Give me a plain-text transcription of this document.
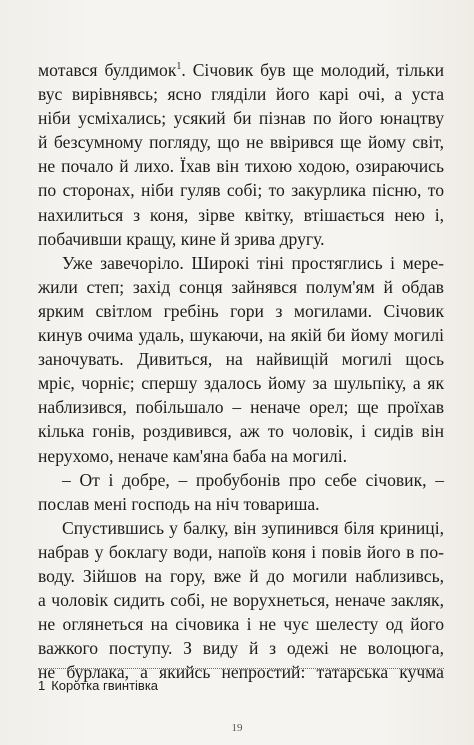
мотався булдимок$^1$. Січовик був ще молодий, тільки
вус вирівнявсь; ясно гляділи його карі очі, а уста
ніби усміхались; усякий би пізнав по його юнацтву
й безсумному погляду, що не ввірився ще йому світ,
не почало й лихо. Їхав він тихою ходою, озираючись
по сторонах, ніби гуляв собі; то закурлика пісню, то
нахилиться з коня, зірве квітку, втішається нею і,
побачивши кращу, кине й зрива другу.
Уже завечоріло. Широкі тіні простяглись і мере-
жили степ; захід сонця зайнявся полум'ям й обдав
ярким світлом гребінь гори з могилами. Січовик
кинув очима удаль, шукаючи, на якій би йому могилі
заночувать. Дивиться, на найвищій могилі щось
мріє, чорніє; спершу здалось йому за шульпіку, а як
наблизився, побільшало – неначе орел; ще проїхав
кілька гонів, роздивився, аж то чоловік, і сидів він
нерухомо, неначе кам'яна баба на могилі.
– От і добре, – пробубонів про себе січовик, –
послав мені господь на ніч товариша.
Спустившись у балку, він зупинився біля криниці,
набрав у боклагу води, напоїв коня і повів його в по-
воду. Зійшов на гору, вже й до могили наблизивсь,
а чоловік сидить собі, не ворухнеться, неначе закляк,
не оглянеться на січовика і не чує шелесту од його
важкого поступу. З виду й з одежі не волоцюга,
не бурлака, а якийсь непростий: татарська кучма
1 Коротка гвинтівка
19
